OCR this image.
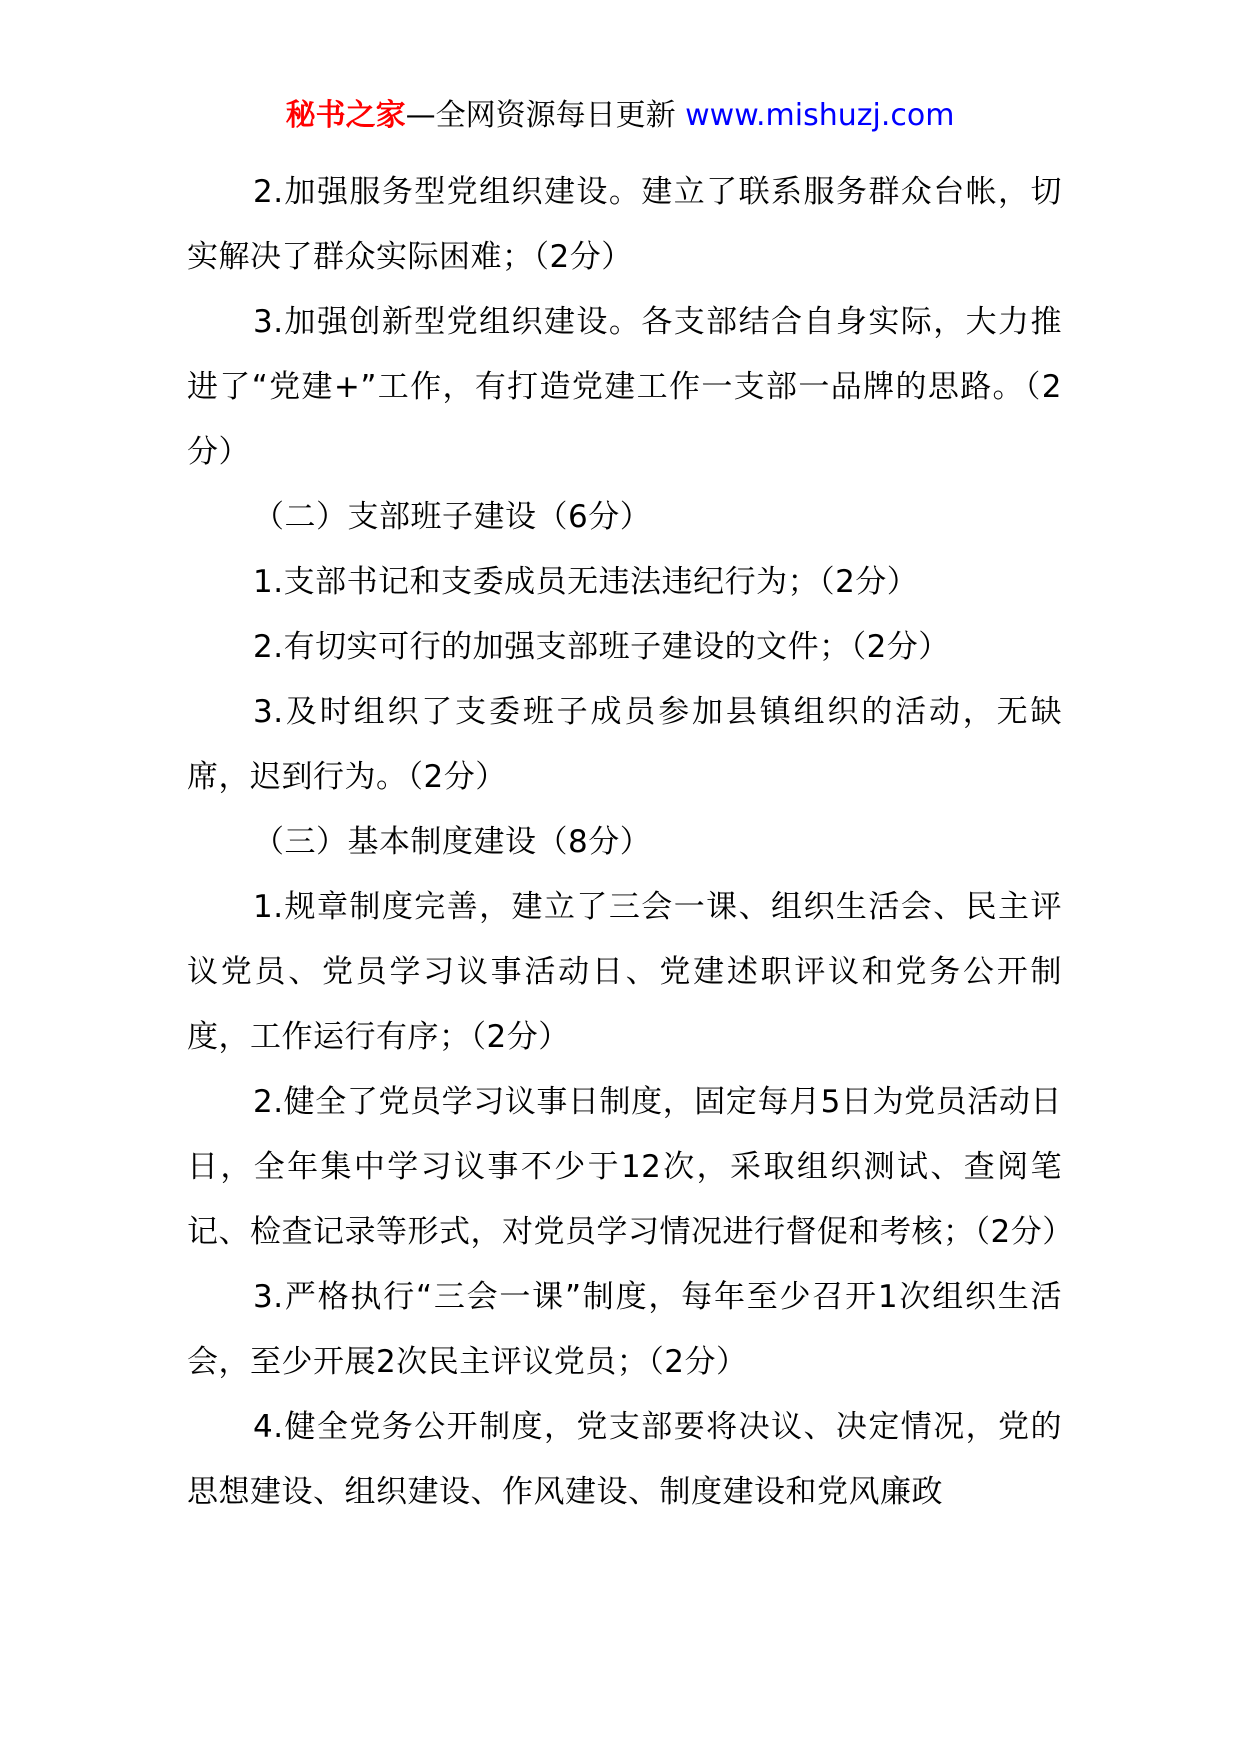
秘书之家—全网资源每日更新 www.mishuzj.com

2.加强服务型党组织建设。建立了联系服务群众台帐，切实解决了群众实际困难；（2分）

3.加强创新型党组织建设。各支部结合自身实际，大力推进了“党建+”工作，有打造党建工作一支部一品牌的思路。（2分）

（二）支部班子建设（6分）

1.支部书记和支委成员无违法违纪行为；（2分）

2.有切实可行的加强支部班子建设的文件；（2分）

3.及时组织了支委班子成员参加县镇组织的活动，无缺席，迟到行为。（2分）

（三）基本制度建设（8分）

1.规章制度完善，建立了三会一课、组织生活会、民主评议党员、党员学习议事活动日、党建述职评议和党务公开制度，工作运行有序；（2分）

2.健全了党员学习议事日制度，固定每月5日为党员活动日日，全年集中学习议事不少于12次，采取组织测试、查阅笔记、检查记录等形式，对党员学习情况进行督促和考核；（2分）

3.严格执行“三会一课”制度，每年至少召开1次组织生活会，至少开展2次民主评议党员；（2分）

4.健全党务公开制度，党支部要将决议、决定情况，党的思想建设、组织建设、作风建设、制度建设和党风廉政
